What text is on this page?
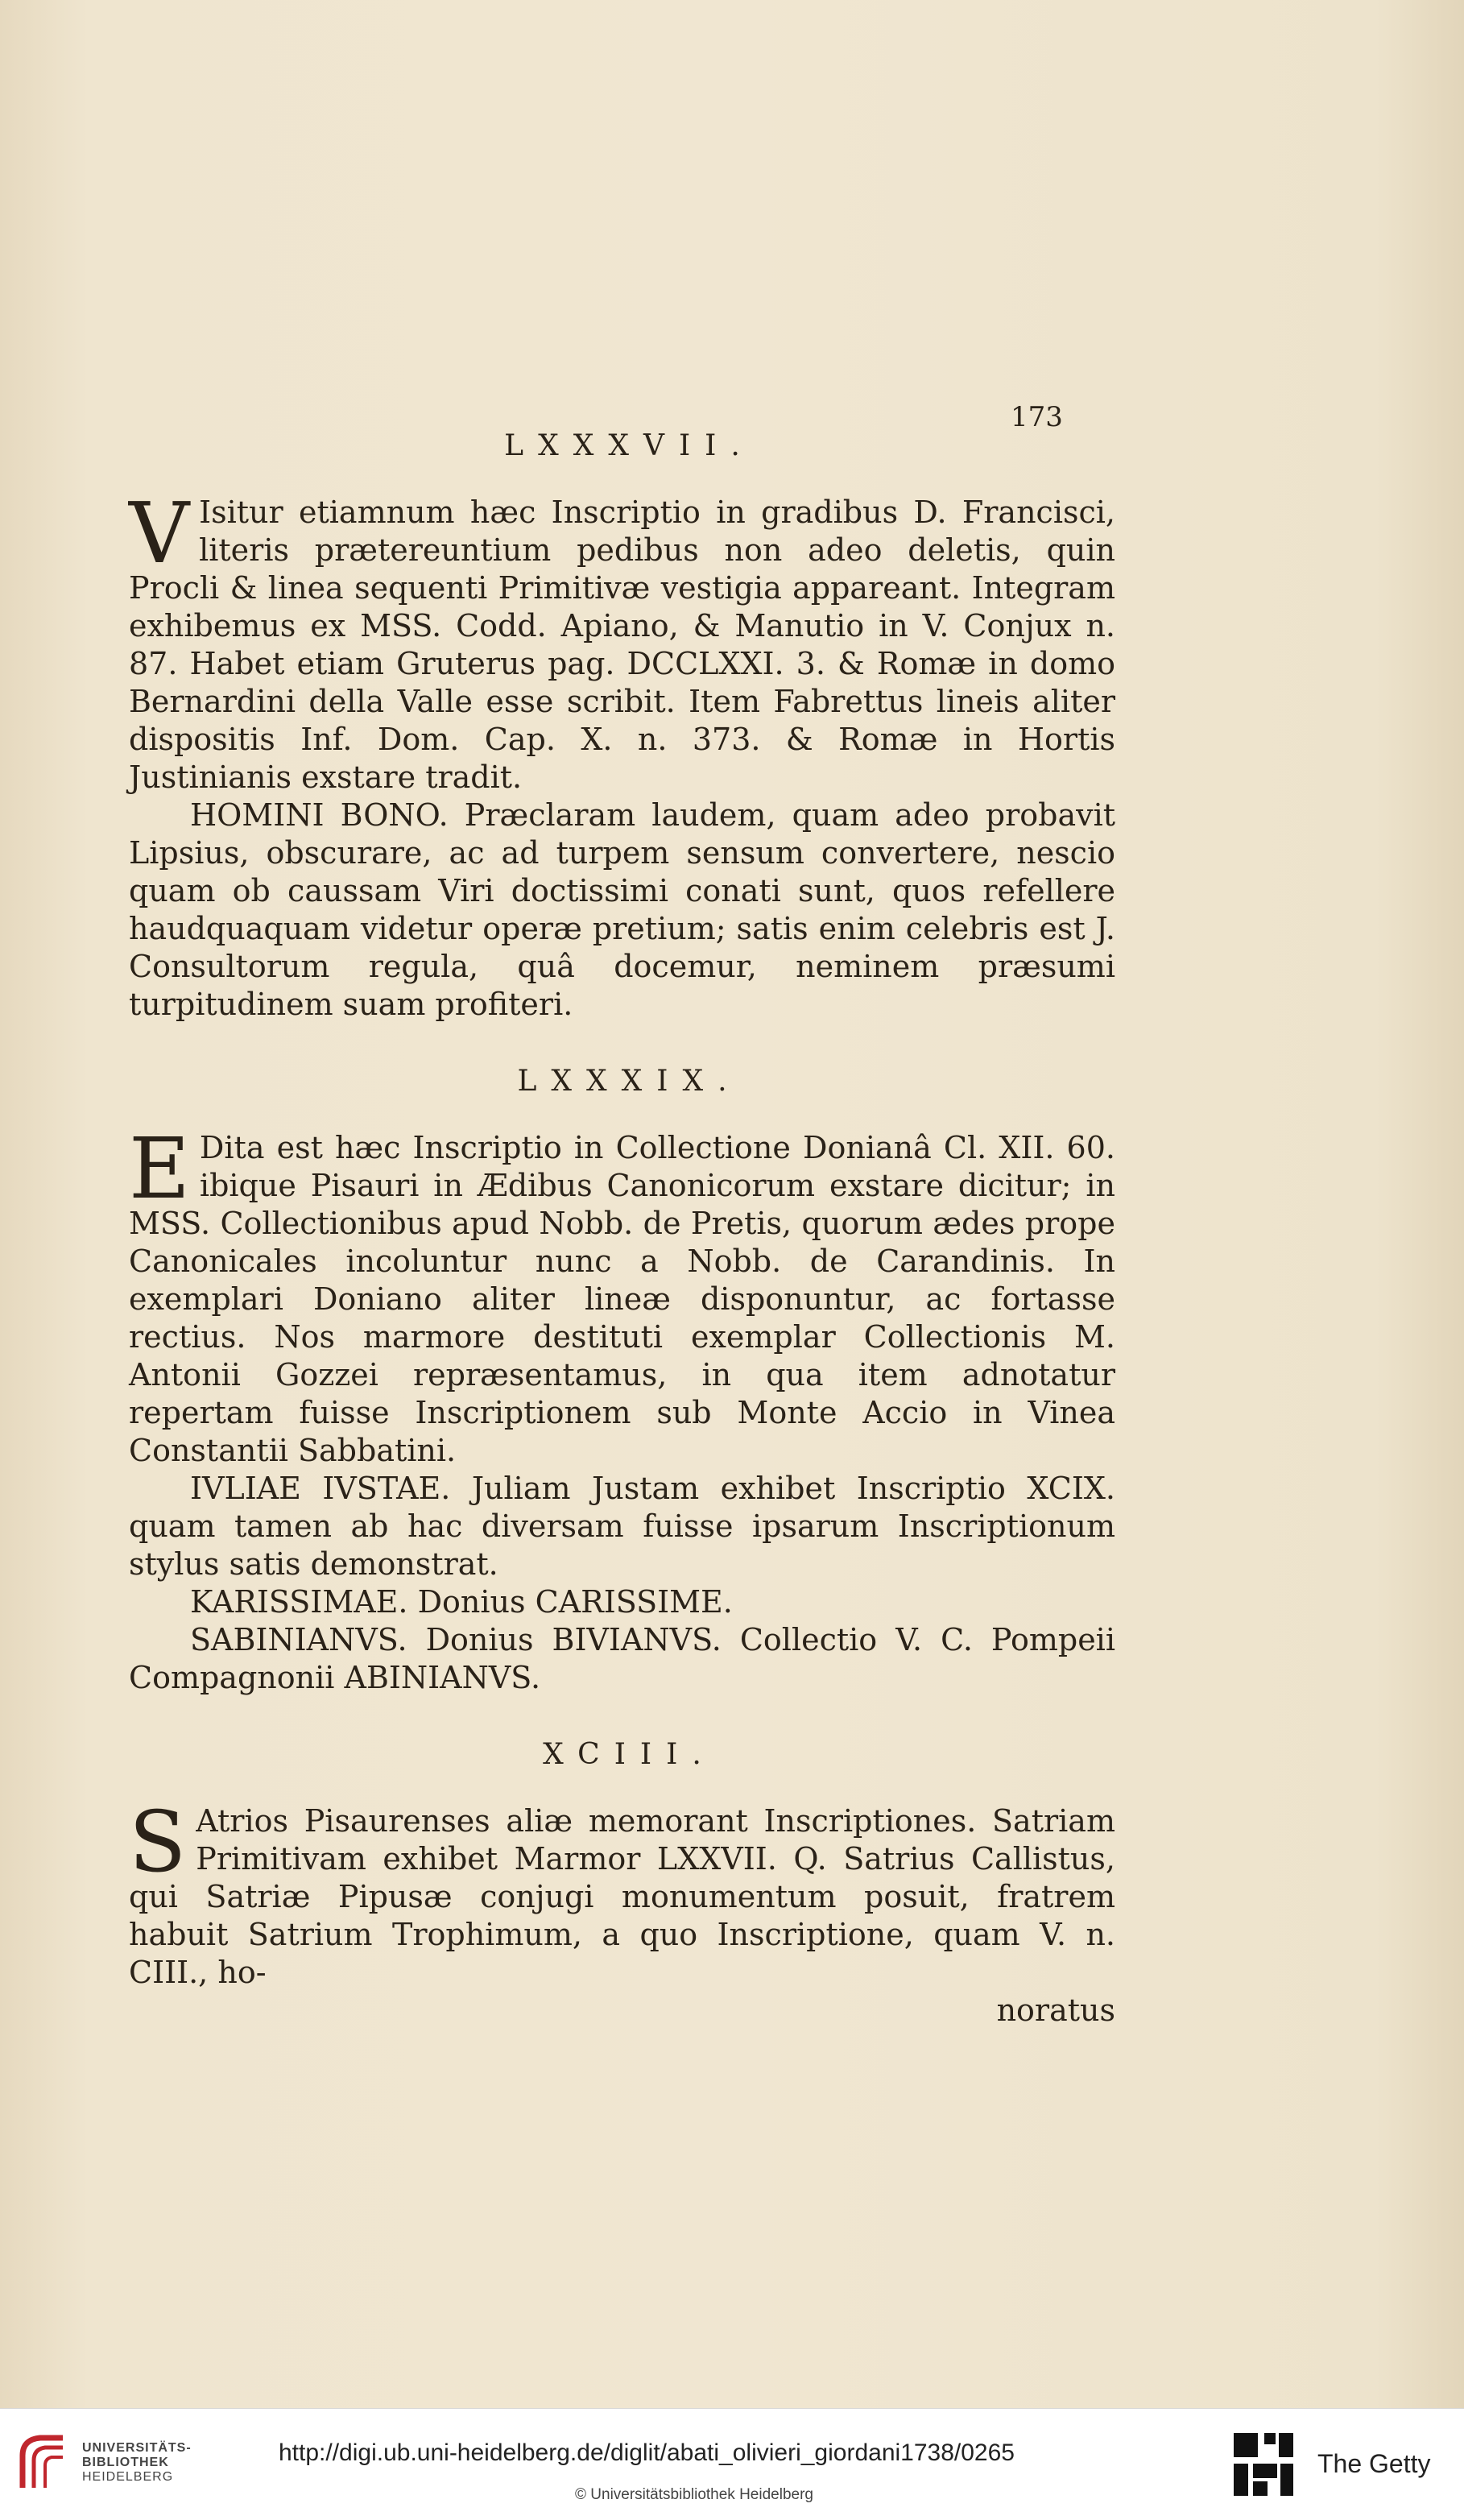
173
LXXXVII.

V Isitur etiamnum hæc Inscriptio in gradibus D. Francisci, literis prætereuntium pedibus non adeo deletis, quin Procli & linea sequenti Primitivæ vestigia appareant. Integram exhibemus ex MSS. Codd. Apiano, & Manutio in V. Conjux n. 87. Habet etiam Gruterus pag. DCCLXXI. 3. & Romæ in domo Bernardini della Valle esse scribit. Item Fabrettus lineis aliter dispositis Inf. Dom. Cap. X. n. 373. & Romæ in Hortis Justinianis exstare tradit.

HOMINI BONO. Præclaram laudem, quam adeo probavit Lipsius, obscurare, ac ad turpem sensum convertere, nescio quam ob caussam Viri doctissimi conati sunt, quos refellere haudquaquam videtur operæ pretium; satis enim celebris est J. Consultorum regula, quâ docemur, neminem præsumi turpitudinem suam profiteri.

LXXXIX.

E Dita est hæc Inscriptio in Collectione Donianâ Cl. XII. 60. ibique Pisauri in Ædibus Canonicorum exstare dicitur; in MSS. Collectionibus apud Nobb. de Pretis, quorum ædes prope Canonicales incoluntur nunc a Nobb. de Carandinis. In exemplari Doniano aliter lineæ disponuntur, ac fortasse rectius. Nos marmore destituti exemplar Collectionis M. Antonii Gozzei repræsentamus, in qua item adnotatur repertam fuisse Inscriptionem sub Monte Accio in Vinea Constantii Sabbatini.

IVLIAE IVSTAE. Juliam Justam exhibet Inscriptio XCIX. quam tamen ab hac diversam fuisse ipsarum Inscriptionum stylus satis demonstrat.

KARISSIMAE. Donius CARISSIME.

SABINIANVS. Donius BIVIANVS. Collectio V. C. Pompeii Compagnonii ABINIANVS.

XCIII.

S Atrios Pisaurenses aliæ memorant Inscriptiones. Satriam Primitivam exhibet Marmor LXXVII. Q. Satrius Callistus, qui Satriæ Pipusæ conjugi monumentum posuit, fratrem habuit Satrium Trophimum, a quo Inscriptione, quam V. n. CIII., ho-

noratus

UNIVERSITÄTS-
BIBLIOTHEK
HEIDELBERG
http://digi.ub.uni-heidelberg.de/diglit/abati_olivieri_giordani1738/0265
© Universitätsbibliothek Heidelberg
The Getty
